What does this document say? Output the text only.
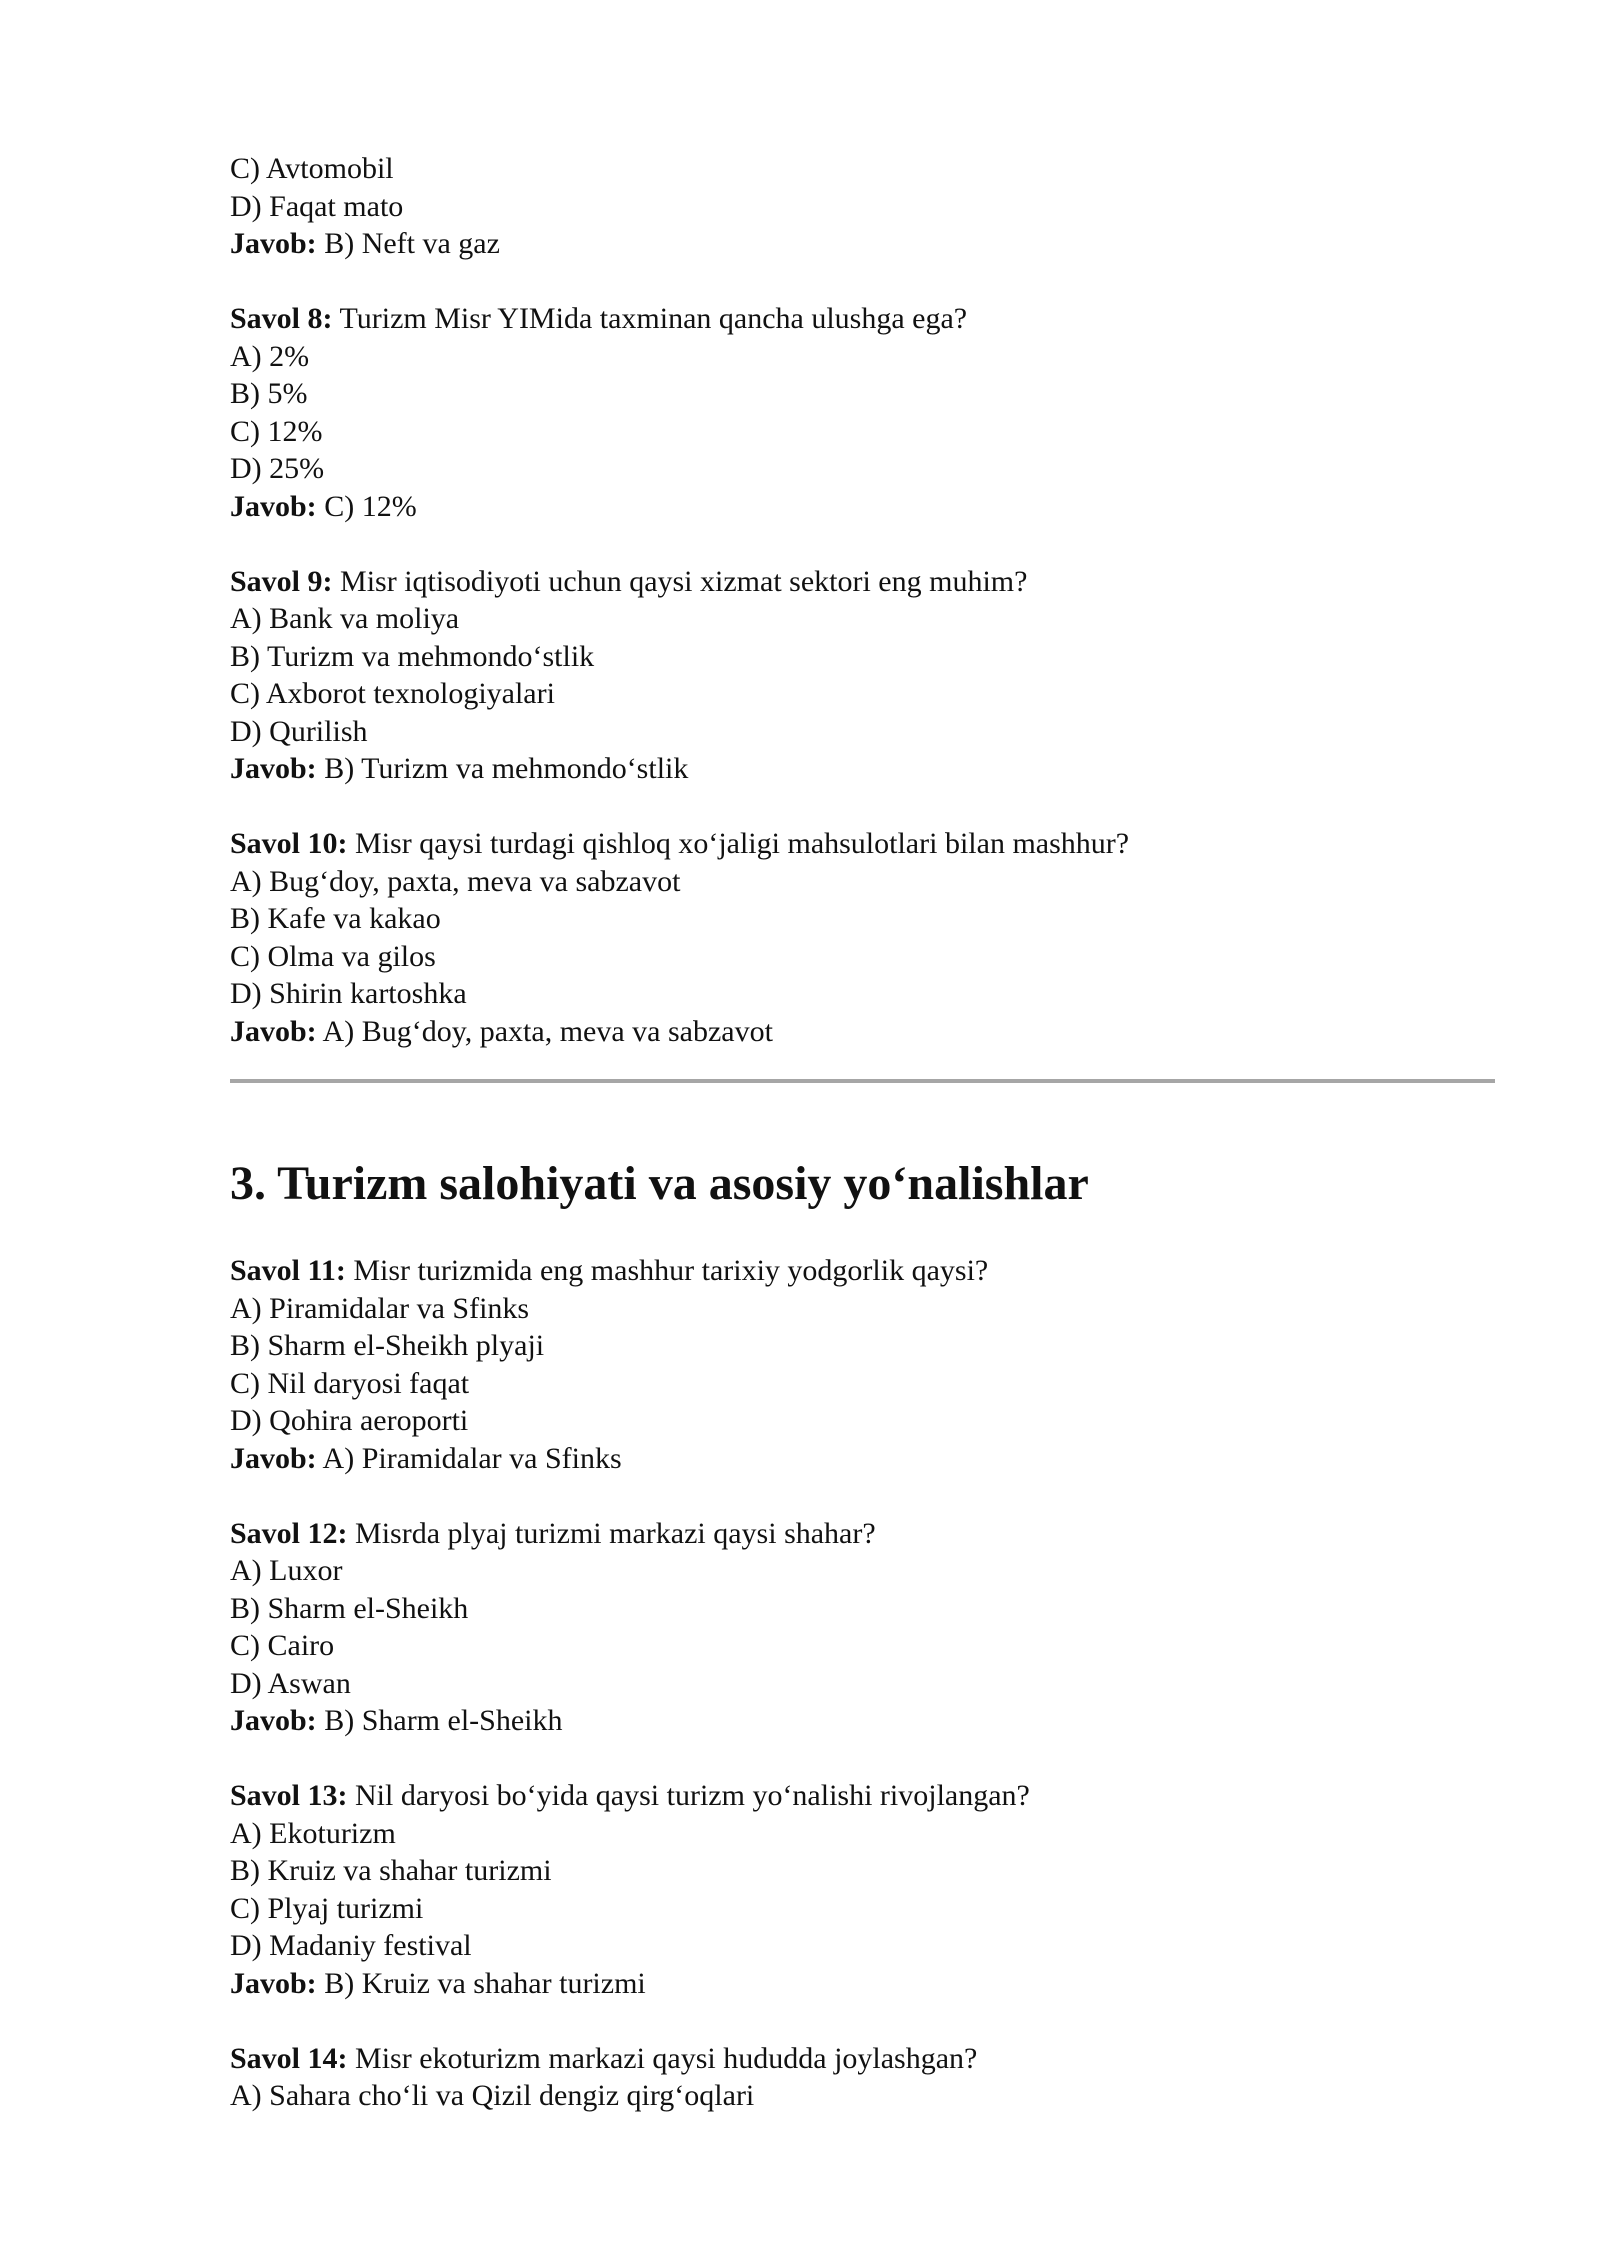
C) Avtomobil

D) Faqat mato

Javob: B) Neft va gaz

Savol 8: Turizm Misr YIMida taxminan qancha ulushga ega?

A) 2%

B) 5%

C) 12%

D) 25%

Javob: C) 12%

Savol 9: Misr iqtisodiyoti uchun qaysi xizmat sektori eng muhim?

A) Bank va moliya

B) Turizm va mehmondo‘stlik

C) Axborot texnologiyalari

D) Qurilish

Javob: B) Turizm va mehmondo‘stlik

Savol 10: Misr qaysi turdagi qishloq xo‘jaligi mahsulotlari bilan mashhur?

A) Bug‘doy, paxta, meva va sabzavot

B) Kafe va kakao

C) Olma va gilos

D) Shirin kartoshka

Javob: A) Bug‘doy, paxta, meva va sabzavot

3. Turizm salohiyati va asosiy yo‘nalishlar

Savol 11: Misr turizmida eng mashhur tarixiy yodgorlik qaysi?

A) Piramidalar va Sfinks

B) Sharm el-Sheikh plyaji

C) Nil daryosi faqat

D) Qohira aeroporti

Javob: A) Piramidalar va Sfinks

Savol 12: Misrda plyaj turizmi markazi qaysi shahar?

A) Luxor

B) Sharm el-Sheikh

C) Cairo

D) Aswan

Javob: B) Sharm el-Sheikh

Savol 13: Nil daryosi bo‘yida qaysi turizm yo‘nalishi rivojlangan?

A) Ekoturizm

B) Kruiz va shahar turizmi

C) Plyaj turizmi

D) Madaniy festival

Javob: B) Kruiz va shahar turizmi

Savol 14: Misr ekoturizm markazi qaysi hududda joylashgan?

A) Sahara cho‘li va Qizil dengiz qirg‘oqlari
